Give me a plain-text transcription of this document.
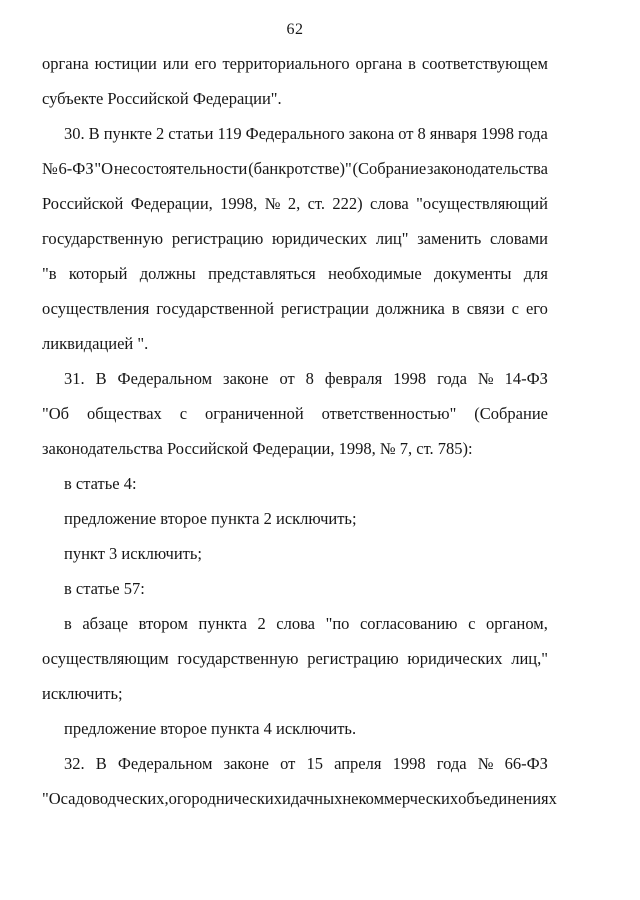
62
органа юстиции или его территориального органа в соответствующем
субъекте Российской Федерации".
30. В пункте 2 статьи 119 Федерального закона от 8 января 1998 года
№ 6-ФЗ "О несостоятельности (банкротстве)" (Собрание законодательства
Российской Федерации, 1998, № 2, ст. 222) слова "осуществляющий
государственную регистрацию юридических лиц" заменить словами
"в который должны представляться необходимые документы для
осуществления государственной регистрации должника в связи с его
ликвидацией ".
31. В Федеральном законе от 8 февраля 1998 года № 14-ФЗ
"Об обществах с ограниченной ответственностью" (Собрание
законодательства Российской Федерации, 1998, № 7, ст. 785):
в статье 4:
предложение второе пункта 2 исключить;
пункт 3 исключить;
в статье 57:
в абзаце втором пункта 2 слова "по согласованию с органом,
осуществляющим государственную регистрацию юридических лиц,"
исключить;
предложение второе пункта 4 исключить.
32. В Федеральном законе от 15 апреля 1998 года № 66-ФЗ
"О садоводческих, огороднических и дачных некоммерческих объединениях
